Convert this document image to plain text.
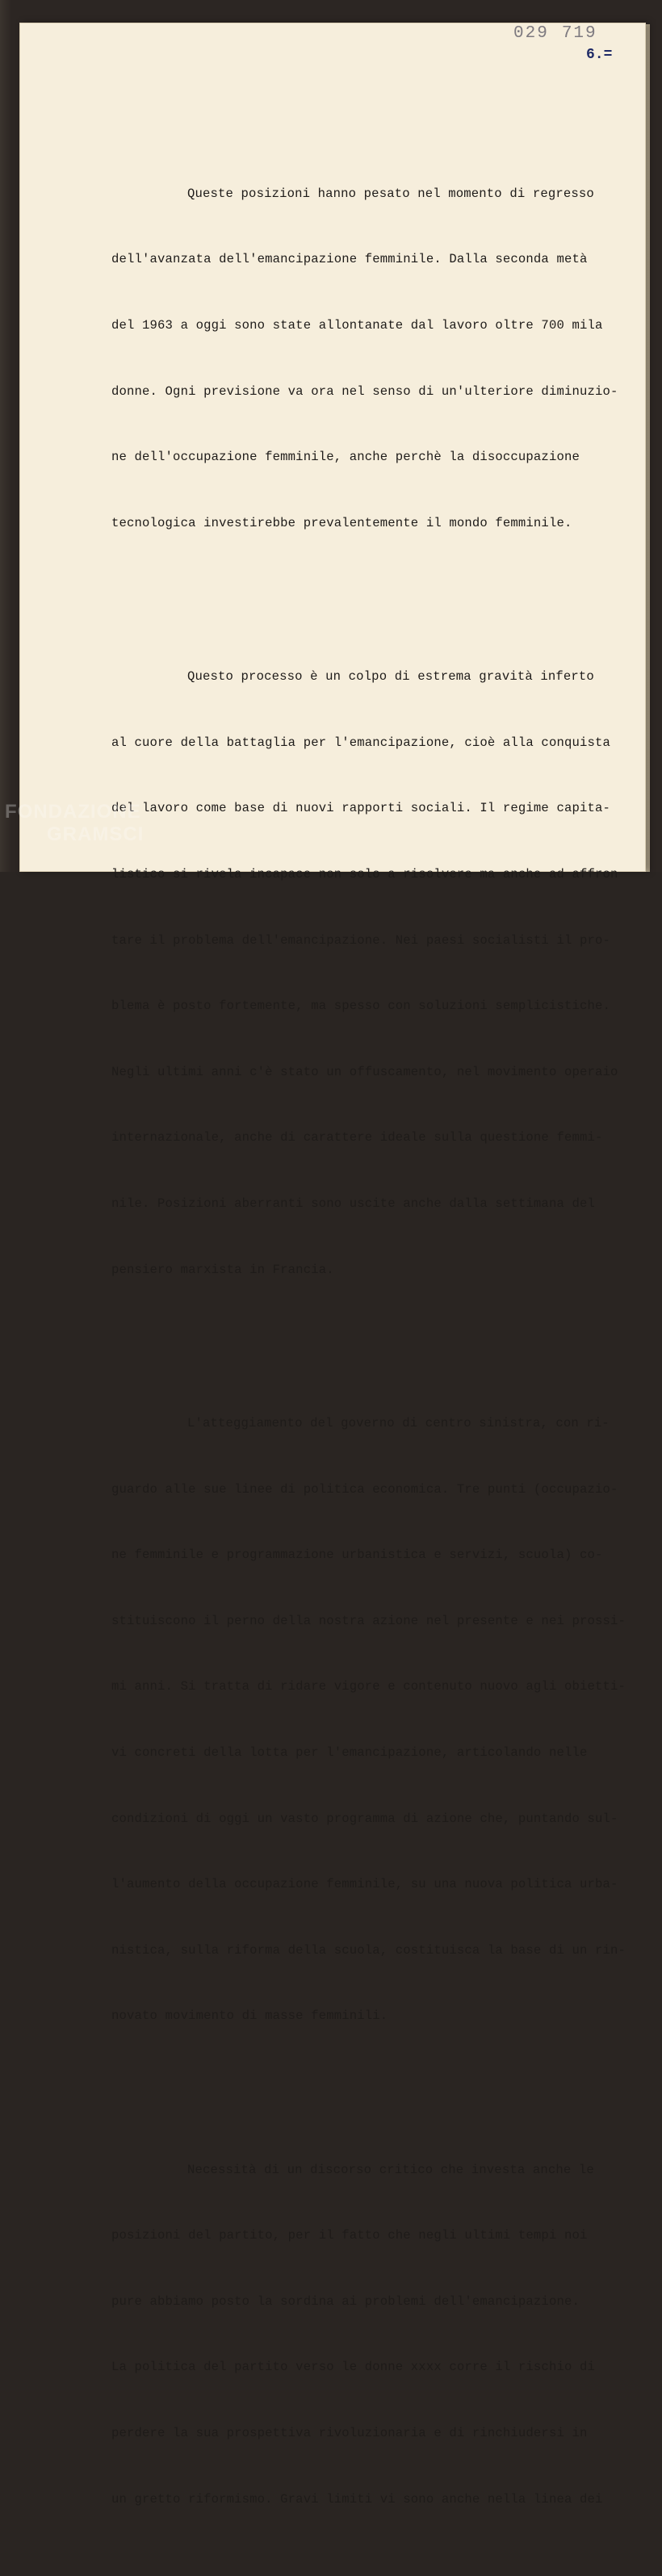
029 719
6.=

Queste posizioni hanno pesato nel momento di regresso

dell'avanzata dell'emancipazione femminile. Dalla seconda metà

del 1963 a oggi sono state allontanate dal lavoro oltre 700 mila

donne. Ogni previsione va ora nel senso di un'ulteriore diminuzio-

ne dell'occupazione femminile, anche perchè la disoccupazione

tecnologica investirebbe prevalentemente il mondo femminile.

Questo processo è un colpo di estrema gravità inferto

al cuore della battaglia per l'emancipazione, cioè alla conquista

del lavoro come base di nuovi rapporti sociali. Il regime capita-

listico si rivela incapace non solo a risolvere ma anche ad affron

tare il problema dell'emancipazione. Nei paesi socialisti il pro-

blema è posto fortemente, ma spesso con soluzioni semplicistiche.

Negli ultimi anni c'è stato un offuscamento, nel movimento operaio

internazionale, anche di carattere ideale sulla questione femmi-

nile. Posizioni aberranti sono uscite anche dalla settimana del

pensiero marxista in Francia.

L'atteggiamento del governo di centro sinistra, con ri-

guardo alle sue linee di politica economica. Tre punti (occupazio-

ne femminile e programmazione urbanistica e servizi, scuola) co-

stituiscono il perno della nostra azione nel presente e nei prossi-

mi anni. Si tratta di ridare vigore e contenuto nuovo agli obietti-

vi concreti della lotta per l'emancipazione, articolando nelle

condizioni di oggi un vasto programma di azione che, puntando sul-

l'aumento della occupazione femminile, su una nuova politica urba-

nistica, sulla riforma della scuola, costituisca la base di un rin-

novato movimento di masse femminili.

Necessità di un discorso critico che investa anche le

posizioni del partito, per il fatto che negli ultimi tempi noi

pure abbiamo posto la sordina ai problemi dell'emancipazione.

La politica del partito verso le donne xxxx corre il rischio di

perdere la sua prospettiva rivoluzionaria e di rinchiudersi in

un gretto riformismo. Gravi limiti vi sono anche nella linea dei

FONDAZIONE
GRAMSCI
